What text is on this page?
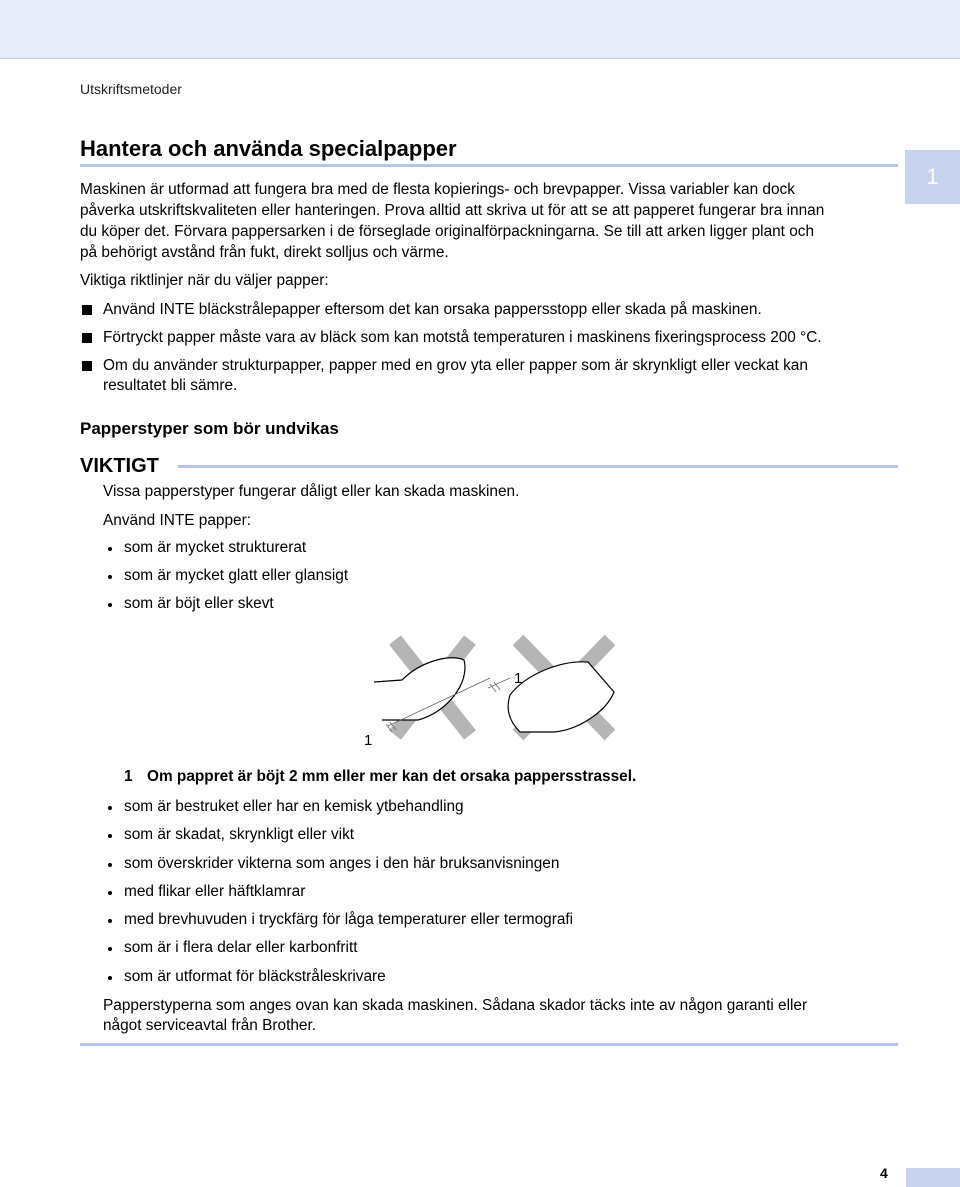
Utskriftsmetoder
Hantera och använda specialpapper
1

Maskinen är utformad att fungera bra med de flesta kopierings- och brevpapper. Vissa variabler kan dock

påverka utskriftskvaliteten eller hanteringen. Prova alltid att skriva ut för att se att papperet fungerar bra innan

du köper det. Förvara pappersarken i de förseglade originalförpackningarna. Se till att arken ligger plant och

på behörigt avstånd från fukt, direkt solljus och värme.

Viktiga riktlinjer när du väljer papper:

Använd INTE bläckstrålepapper eftersom det kan orsaka pappersstopp eller skada på maskinen.
Förtryckt papper måste vara av bläck som kan motstå temperaturen i maskinens fixeringsprocess 200 °C.
Om du använder strukturpapper, papper med en grov yta eller papper som är skrynkligt eller veckat kan

resultatet bli sämre.

Papperstyper som bör undvikas
VIKTIGT

Vissa papperstyper fungerar dåligt eller kan skada maskinen.

Använd INTE papper:

som är mycket strukturerat
som är mycket glatt eller glansigt
som är böjt eller skevt
1
1
1 Om pappret är böjt 2 mm eller mer kan det orsaka pappersstrassel.
som är bestruket eller har en kemisk ytbehandling
som är skadat, skrynkligt eller vikt
som överskrider vikterna som anges i den här bruksanvisningen
med flikar eller häftklamrar
med brevhuvuden i tryckfärg för låga temperaturer eller termografi
som är i flera delar eller karbonfritt
som är utformat för bläckstråleskrivare

Papperstyperna som anges ovan kan skada maskinen. Sådana skador täcks inte av någon garanti eller

något serviceavtal från Brother.

4
